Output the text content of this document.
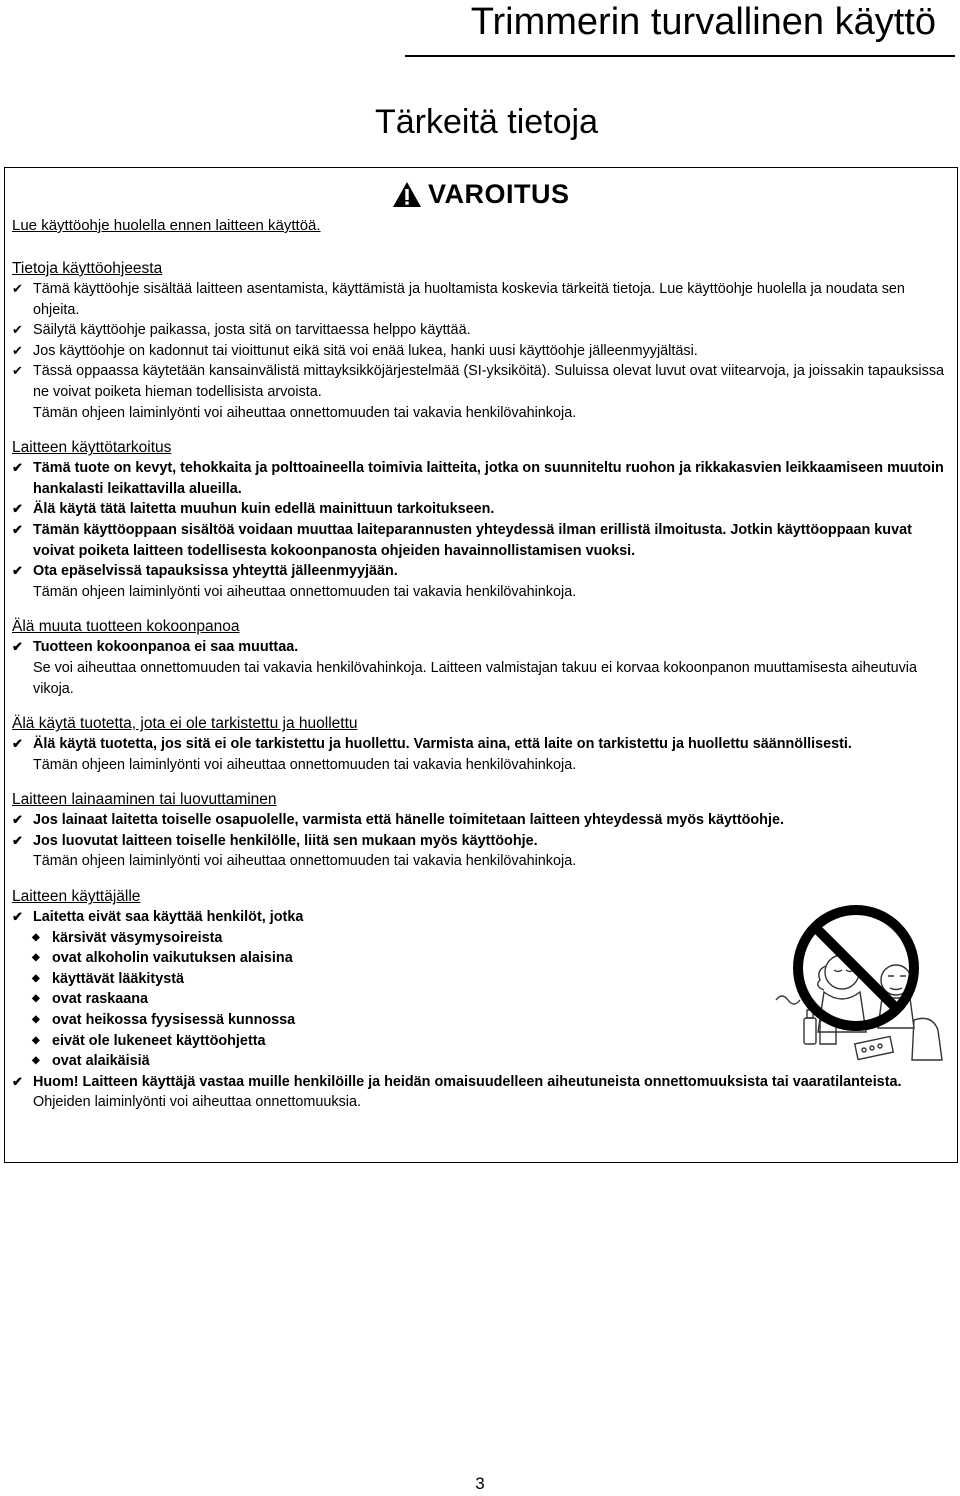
Trimmerin turvallinen käyttö
Tärkeitä tietoja
VAROITUS
Lue käyttöohje huolella ennen laitteen käyttöä.
Tietoja käyttöohjeesta
✔ Tämä käyttöohje sisältää laitteen asentamista, käyttämistä ja huoltamista koskevia tärkeitä tietoja. Lue käyttöohje huolella ja noudata sen ohjeita.
✔ Säilytä käyttöohje paikassa, josta sitä on tarvittaessa helppo käyttää.
✔ Jos käyttöohje on kadonnut tai vioittunut eikä sitä voi enää lukea, hanki uusi käyttöohje jälleenmyyjältäsi.
✔ Tässä oppaassa käytetään kansainvälistä mittayksikköjärjestelmää (SI-yksiköitä). Suluissa olevat luvut ovat viitearvoja, ja joissakin tapauksissa ne voivat poiketa hieman todellisista arvoista.
Tämän ohjeen laiminlyönti voi aiheuttaa onnettomuuden tai vakavia henkilövahinkoja.
Laitteen käyttötarkoitus
✔ Tämä tuote on kevyt, tehokkaita ja polttoaineella toimivia laitteita, jotka on suunniteltu ruohon ja rikkakasvien leikkaamiseen muutoin hankalasti leikattavilla alueilla.
✔ Älä käytä tätä laitetta muuhun kuin edellä mainittuun tarkoitukseen.
✔ Tämän käyttöoppaan sisältöä voidaan muuttaa laiteparannusten yhteydessä ilman erillistä ilmoitusta. Jotkin käyttöoppaan kuvat voivat poiketa laitteen todellisesta kokoonpanosta ohjeiden havainnollistamisen vuoksi.
✔ Ota epäselvissä tapauksissa yhteyttä jälleenmyyjään.
Tämän ohjeen laiminlyönti voi aiheuttaa onnettomuuden tai vakavia henkilövahinkoja.
Älä muuta tuotteen kokoonpanoa
✔ Tuotteen kokoonpanoa ei saa muuttaa.
Se voi aiheuttaa onnettomuuden tai vakavia henkilövahinkoja. Laitteen valmistajan takuu ei korvaa kokoonpanon muuttamisesta aiheutuvia vikoja.
Älä käytä tuotetta, jota ei ole tarkistettu ja huollettu
✔ Älä käytä tuotetta, jos sitä ei ole tarkistettu ja huollettu. Varmista aina, että laite on tarkistettu ja huollettu säännöllisesti.
Tämän ohjeen laiminlyönti voi aiheuttaa onnettomuuden tai vakavia henkilövahinkoja.
Laitteen lainaaminen tai luovuttaminen
✔ Jos lainaat laitetta toiselle osapuolelle, varmista että hänelle toimitetaan laitteen yhteydessä myös käyttöohje.
✔ Jos luovutat laitteen toiselle henkilölle, liitä sen mukaan myös käyttöohje.
Tämän ohjeen laiminlyönti voi aiheuttaa onnettomuuden tai vakavia henkilövahinkoja.
Laitteen käyttäjälle
✔ Laitetta eivät saa käyttää henkilöt, jotka
◆ kärsivät väsymysoireista
◆ ovat alkoholin vaikutuksen alaisina
◆ käyttävät lääkitystä
◆ ovat raskaana
◆ ovat heikossa fyysisessä kunnossa
◆ eivät ole lukeneet käyttöohjetta
◆ ovat alaikäisiä
✔ Huom! Laitteen käyttäjä vastaa muille henkilöille ja heidän omaisuudelleen aiheutuneista onnettomuuksista tai vaaratilanteista.
Ohjeiden laiminlyönti voi aiheuttaa onnettomuuksia.
3
